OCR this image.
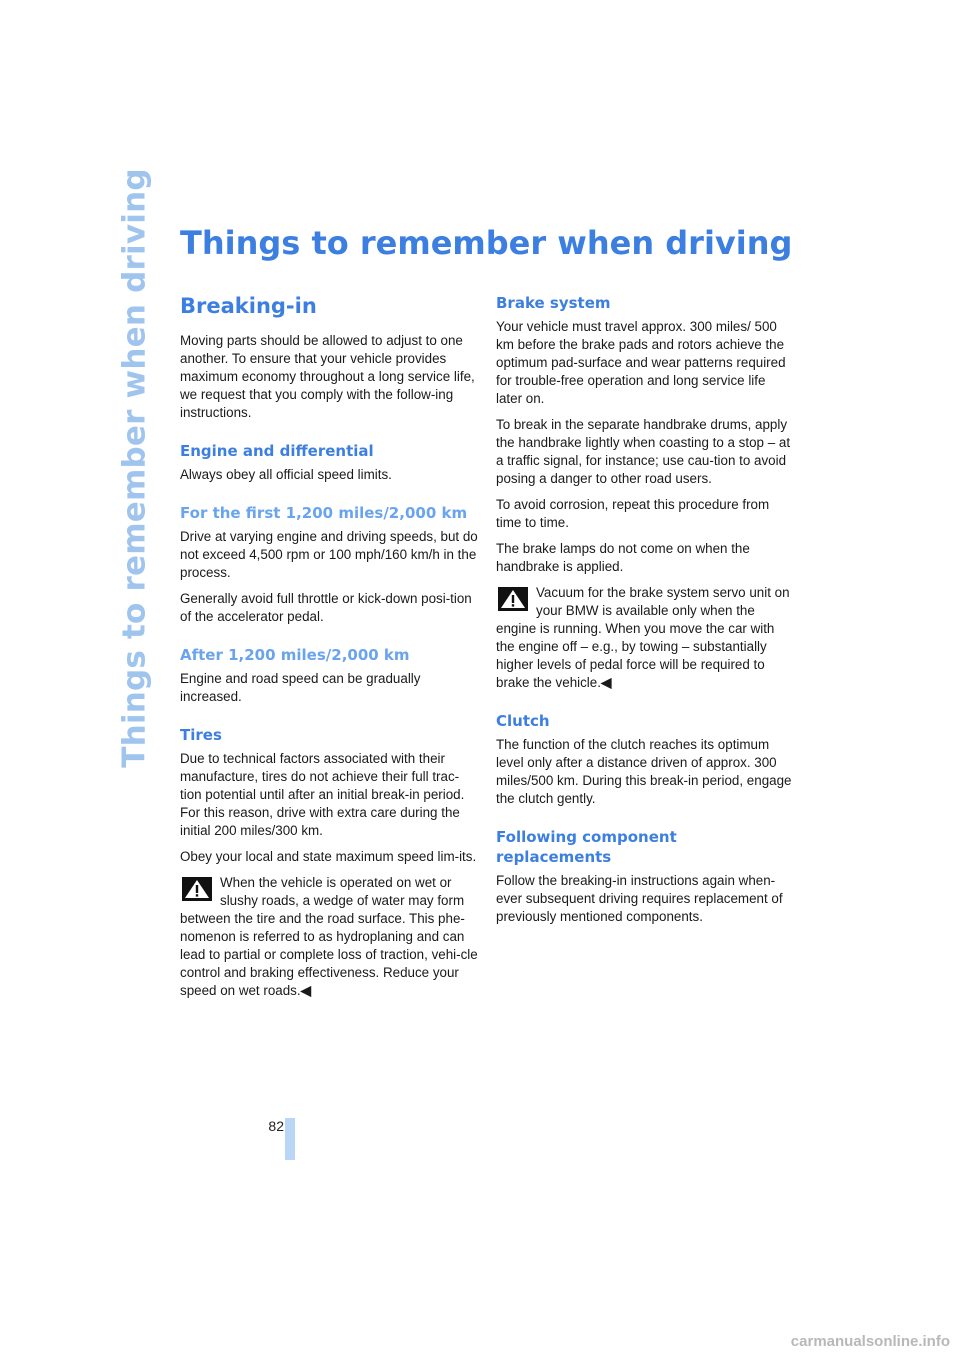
Things to remember when driving Things to remember when driving
Breaking-in

Moving parts should be allowed to adjust to one another. To ensure that your vehicle provides maximum economy throughout a long service life, we request that you comply with the follow-ing instructions.

Engine and differential

Always obey all official speed limits.

For the first 1,200 miles/2,000 km

Drive at varying engine and driving speeds, but do not exceed 4,500 rpm or 100 mph/160 km/h in the process.

Generally avoid full throttle or kick-down posi-tion of the accelerator pedal.

After 1,200 miles/2,000 km

Engine and road speed can be gradually increased.

Tires

Due to technical factors associated with their manufacture, tires do not achieve their full trac-tion potential until after an initial break-in period. For this reason, drive with extra care during the initial 200 miles/300 km.

Obey your local and state maximum speed lim-its.

When the vehicle is operated on wet or slushy roads, a wedge of water may form between the tire and the road surface. This phe-nomenon is referred to as hydroplaning and can lead to partial or complete loss of traction, vehi-cle control and braking effectiveness. Reduce your speed on wet roads.◀
Brake system

Your vehicle must travel approx. 300 miles/ 500 km before the brake pads and rotors achieve the optimum pad-surface and wear patterns required for trouble-free operation and long service life later on.

To break in the separate handbrake drums, apply the handbrake lightly when coasting to a stop – at a traffic signal, for instance; use cau-tion to avoid posing a danger to other road users.

To avoid corrosion, repeat this procedure from time to time.

The brake lamps do not come on when the handbrake is applied.

Vacuum for the brake system servo unit on your BMW is available only when the engine is running. When you move the car with the engine off – e.g., by towing – substantially higher levels of pedal force will be required to brake the vehicle.◀
Clutch

The function of the clutch reaches its optimum level only after a distance driven of approx. 300 miles/500 km. During this break-in period, engage the clutch gently.

Following component replacements

Follow the breaking-in instructions again when-ever subsequent driving requires replacement of previously mentioned components.

82
carmanualsonline.info
